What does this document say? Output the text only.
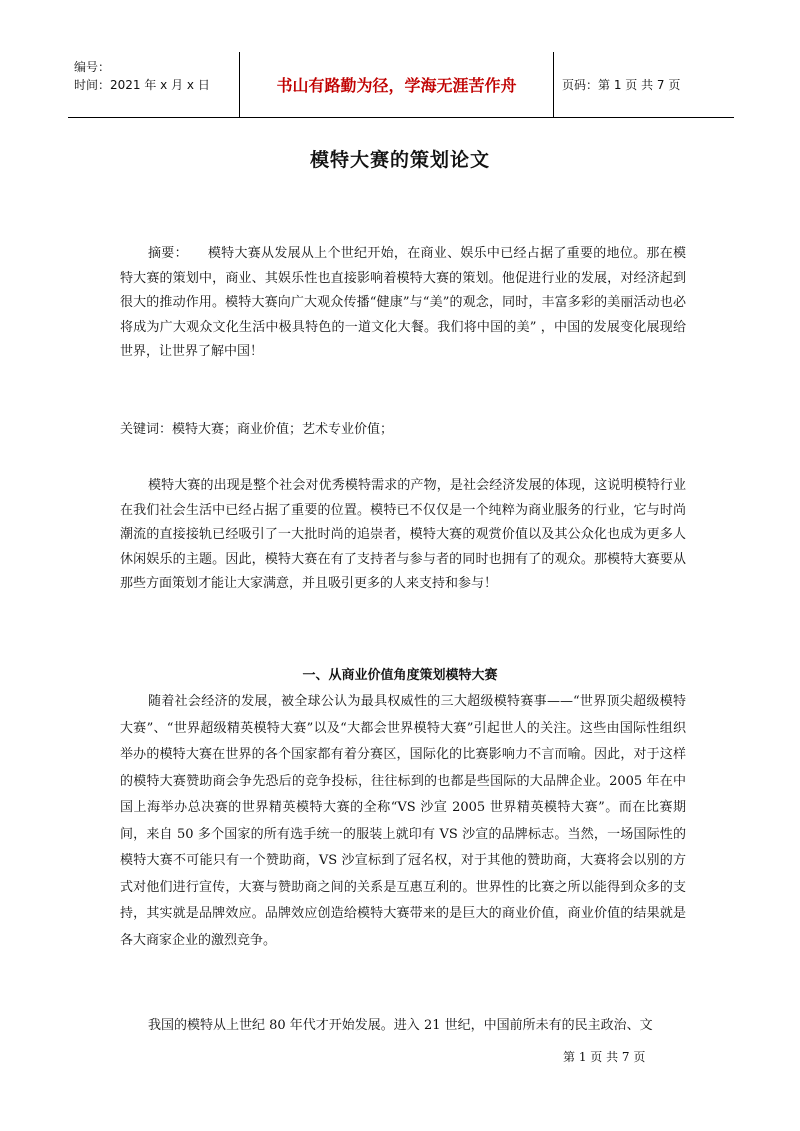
编号：
时间：2021 年 x 月 x 日	书山有路勤为径，学海无涯苦作舟	页码：第 1 页 共 7 页
模特大赛的策划论文
摘要： 模特大赛从发展从上个世纪开始，在商业、娱乐中已经占据了重要的地位。那在模特大赛的策划中，商业、其娱乐性也直接影响着模特大赛的策划。他促进行业的发展，对经济起到很大的推动作用。模特大赛向广大观众传播“健康”与“美”的观念，同时，丰富多彩的美丽活动也必将成为广大观众文化生活中极具特色的一道文化大餐。我们将中国的美” ，中国的发展变化展现给世界，让世界了解中国！
关键词：模特大赛；商业价值；艺术专业价值；
模特大赛的出现是整个社会对优秀模特需求的产物，是社会经济发展的体现，这说明模特行业在我们社会生活中已经占据了重要的位置。模特已不仅仅是一个纯粹为商业服务的行业，它与时尚潮流的直接接轨已经吸引了一大批时尚的追崇者，模特大赛的观赏价值以及其公众化也成为更多人休闲娱乐的主题。因此，模特大赛在有了支持者与参与者的同时也拥有了的观众。那模特大赛要从那些方面策划才能让大家满意，并且吸引更多的人来支持和参与！
一、从商业价值角度策划模特大赛
随着社会经济的发展，被全球公认为最具权威性的三大超级模特赛事——“世界顶尖超级模特大赛”、“世界超级精英模特大赛”以及“大都会世界模特大赛”引起世人的关注。这些由国际性组织举办的模特大赛在世界的各个国家都有着分赛区，国际化的比赛影响力不言而喻。因此，对于这样的模特大赛赞助商会争先恐后的竞争投标，往往标到的也都是些国际的大品牌企业。2005 年在中国上海举办总决赛的世界精英模特大赛的全称“VS 沙宣 2005 世界精英模特大赛”。而在比赛期间，来自 50 多个国家的所有选手统一的服装上就印有 VS 沙宣的品牌标志。当然，一场国际性的模特大赛不可能只有一个赞助商，VS 沙宣标到了冠名权，对于其他的赞助商，大赛将会以别的方式对他们进行宣传，大赛与赞助商之间的关系是互惠互利的。世界性的比赛之所以能得到众多的支持，其实就是品牌效应。品牌效应创造给模特大赛带来的是巨大的商业价值，商业价值的结果就是各大商家企业的激烈竞争。
我国的模特从上世纪 80 年代才开始发展。进入 21 世纪，中国前所未有的民主政治、文
第 1 页 共 7 页
